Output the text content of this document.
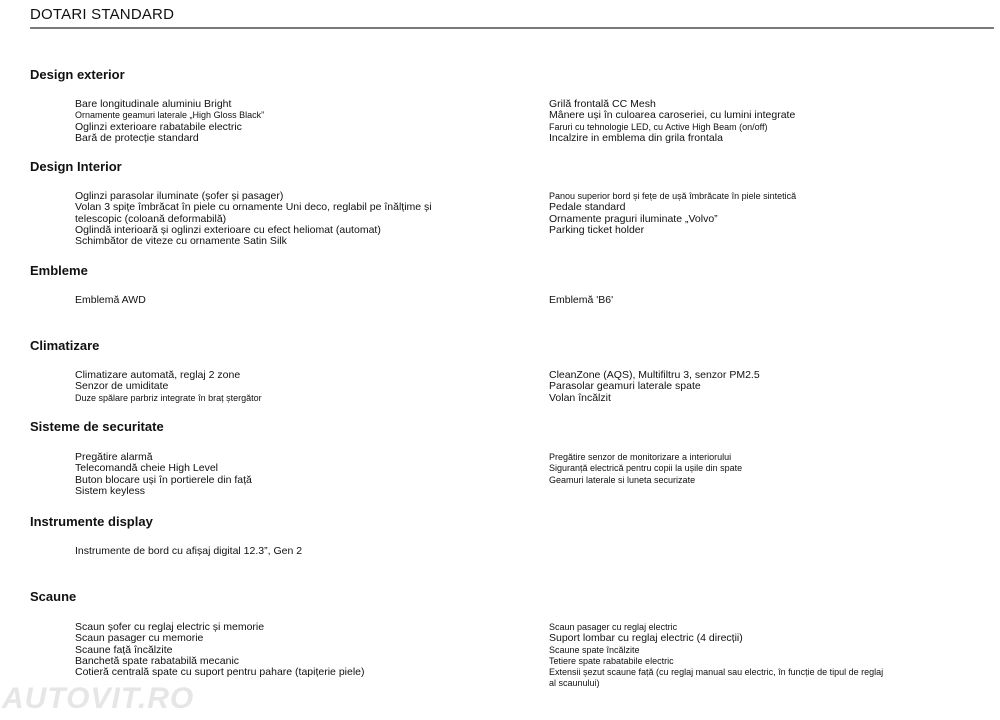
AUTOVIT.RO
DOTARI STANDARD
Design exterior
Bare longitudinale aluminiu Bright
Ornamente geamuri laterale „High Gloss Black”
Oglinzi exterioare rabatabile electric
Bară de protecție standard
Grilă frontală CC Mesh
Mânere uși în culoarea caroseriei, cu lumini integrate
Faruri cu tehnologie LED, cu Active High Beam (on/off)
Incalzire in emblema din grila frontala
Design Interior
Oglinzi parasolar iluminate (șofer și pasager)
Volan 3 spițe îmbrăcat în piele cu ornamente Uni deco, reglabil pe înălțime și
telescopic (coloană deformabilă)
Oglindă interioară și oglinzi exterioare cu efect heliomat (automat)
Schimbător de viteze cu ornamente Satin Silk
Panou superior bord și fețe de ușă îmbrăcate în piele sintetică
Pedale standard
Ornamente praguri iluminate „Volvo”
Parking ticket holder
Embleme
Emblemă AWD	Emblemă 'B6'
Climatizare
Climatizare automată, reglaj 2 zone
Senzor de umiditate
Duze spălare parbriz integrate în braț ștergător
CleanZone (AQS), Multifiltru 3, senzor PM2.5
Parasolar geamuri laterale spate
Volan încălzit
Sisteme de securitate
Pregătire alarmă
Telecomandă cheie High Level
Buton blocare uși în portierele din față
Sistem keyless
Pregătire senzor de monitorizare a interiorului
Siguranță electrică pentru copii la ușile din spate
Geamuri laterale si luneta securizate
Instrumente display
Instrumente de bord cu afișaj digital 12.3”, Gen 2
Scaune
Scaun șofer cu reglaj electric și memorie
Scaun pasager cu memorie
Scaune față încălzite
Banchetă spate rabatabilă mecanic
Cotieră centrală spate cu suport pentru pahare (tapițerie piele)
Scaun pasager cu reglaj electric
Suport lombar cu reglaj electric (4 direcții)
Scaune spate încălzite
Tetiere spate rabatabile electric
Extensii șezut scaune față (cu reglaj manual sau electric, în funcție de tipul de reglaj
al scaunului)
